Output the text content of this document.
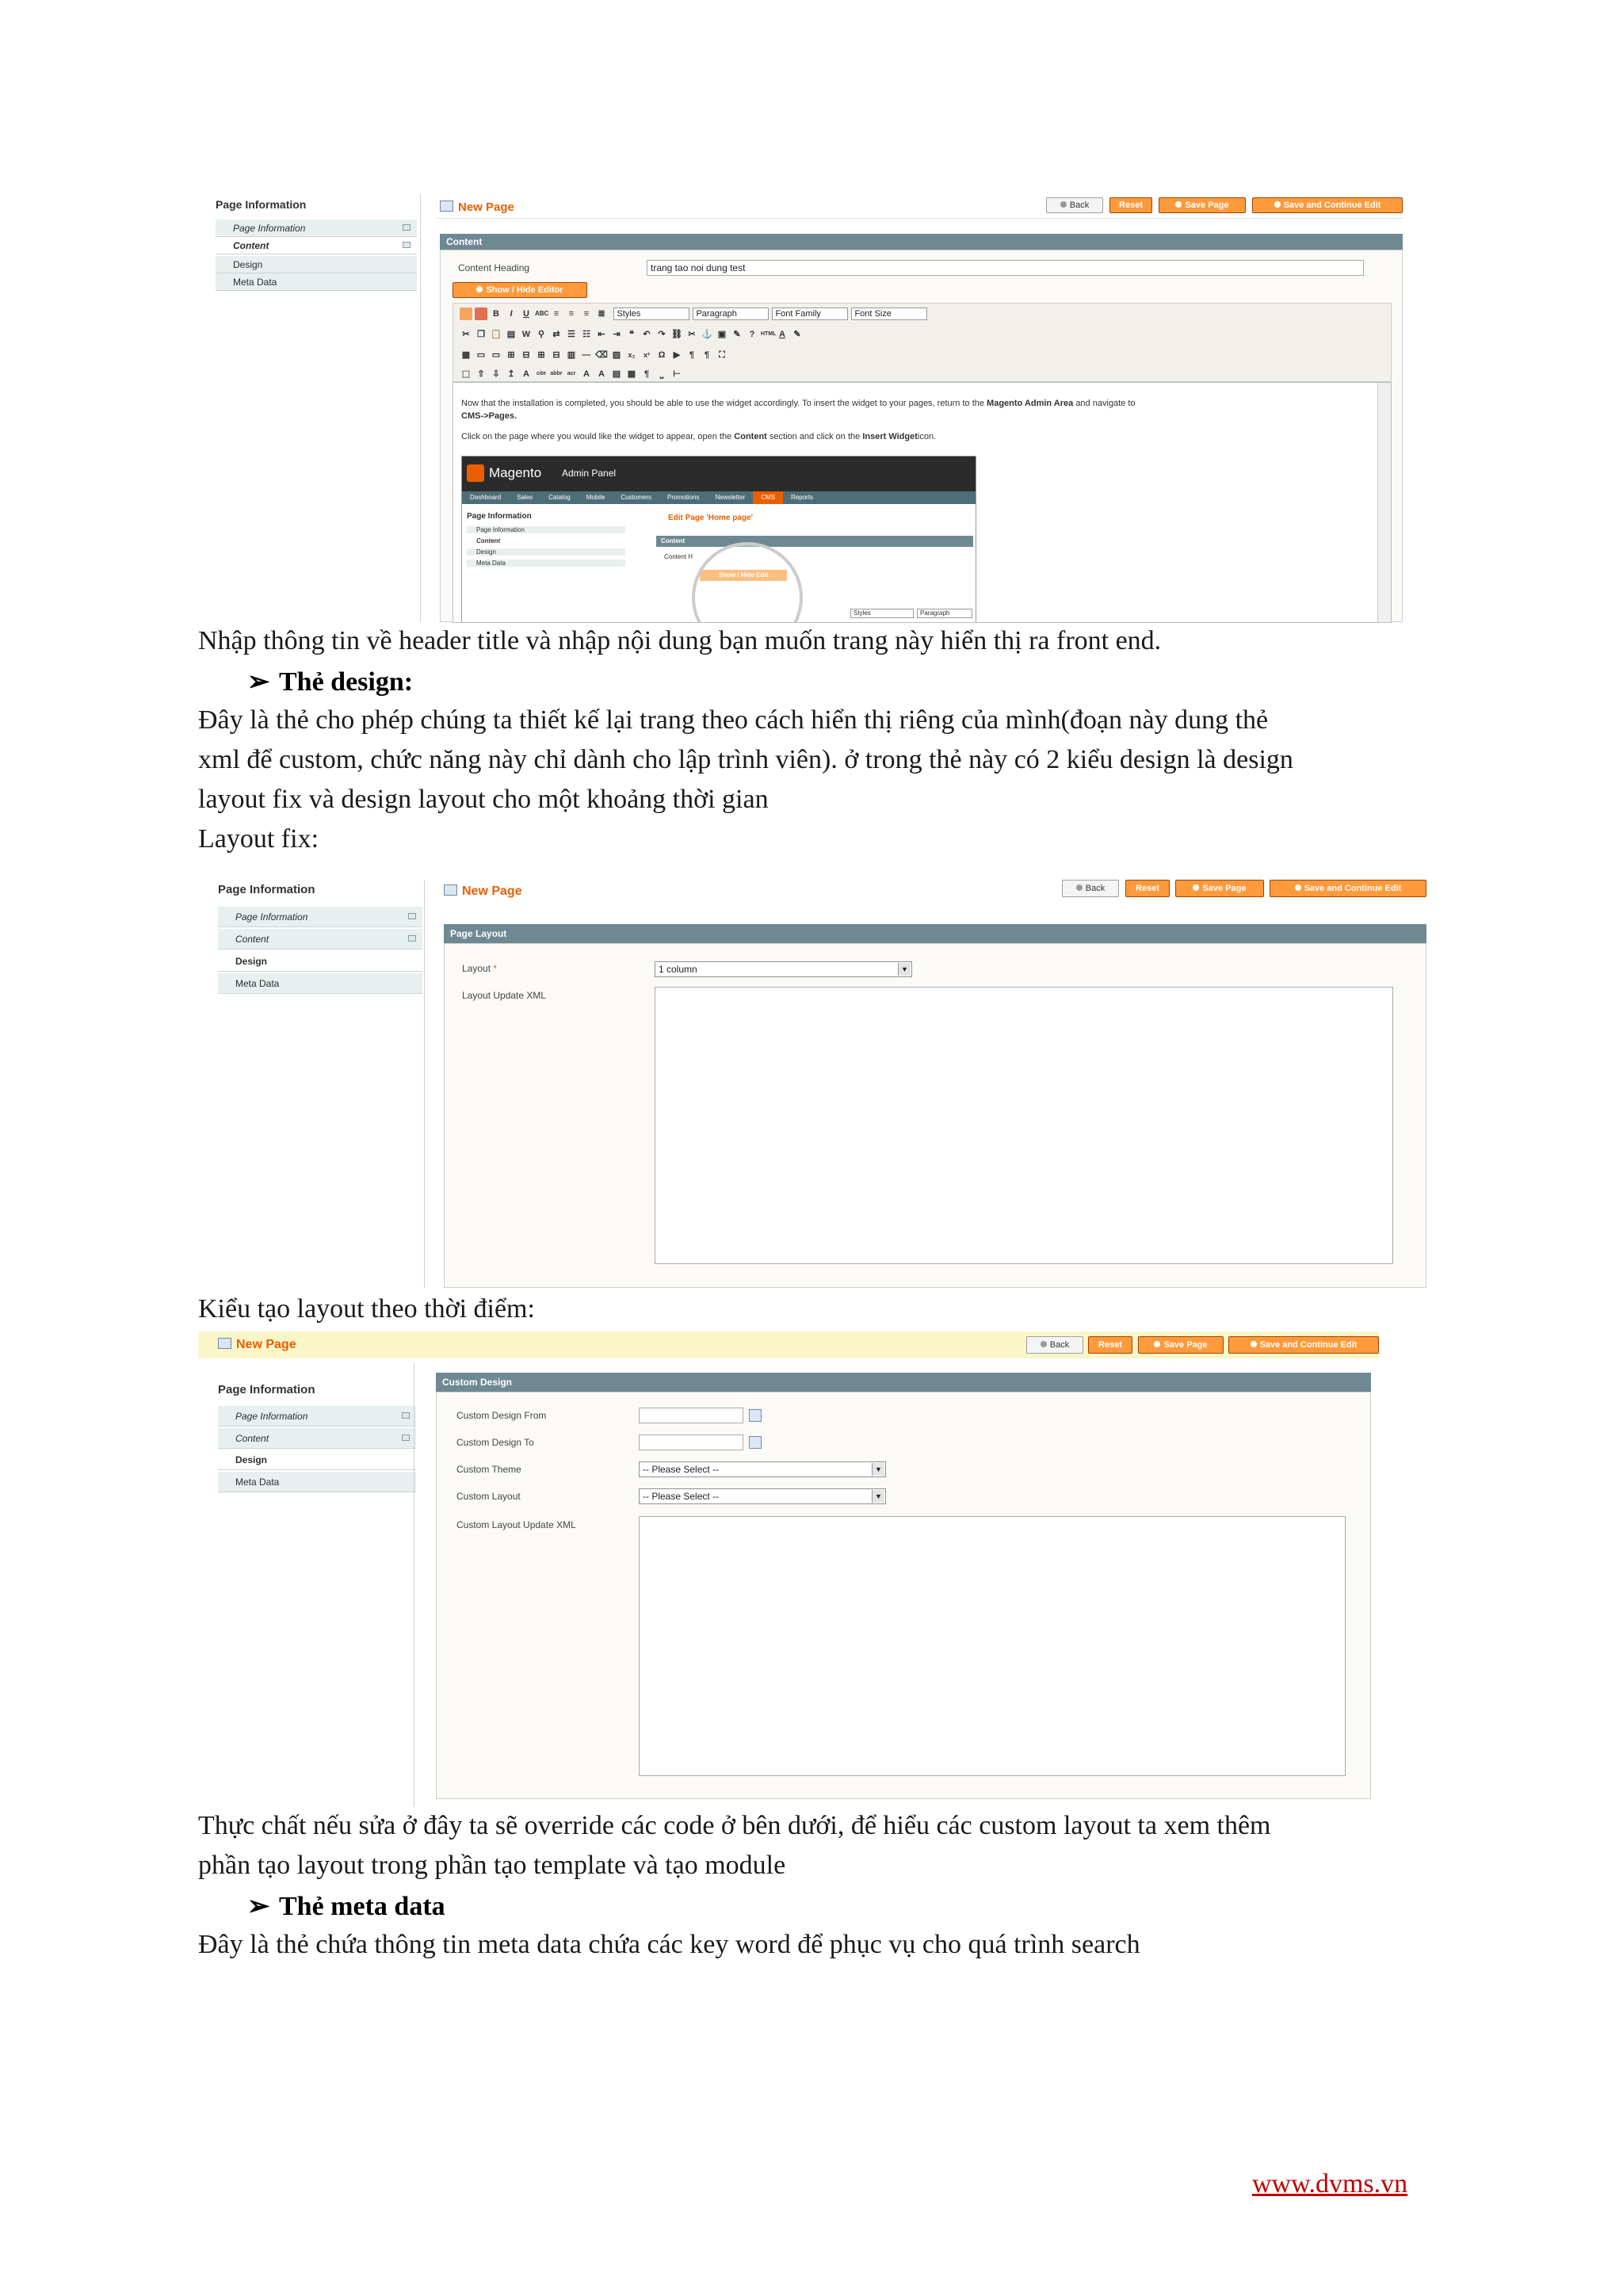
Page Information
Page Information
Content
Design
Meta Data
New Page	Back	Reset	Save Page	Save and Continue Edit
Content
Content Heading	trang tao noi dung test
Show / Hide Editor
B I U ABC ≡ ≡ ≡ ≣ Styles	Paragraph	Font Family	Font Size
✂ ❐ 📋 ▤ W ⚲ ⇄ ☰ ☷ ⇤ ⇥ ❝ ↶ ↷ ⛓ ✂ ⚓ ▣ ✎ ? HTML A ✎
▦ ▭ ▭ ⊞ ⊟ ⊞ ⊟ ▥ — ⌫ ▨ x₂ x² Ω ▶ ¶ ¶ ⛶
⬚ ⇧ ⇩ ↥ A cite abbr acr A A ▤ ▦ ¶ ⎵ ⊢

Now that the installation is completed, you should be able to use the widget accordingly. To insert the widget to your pages, return to the Magento Admin Area and navigate to

CMS->Pages.

Click on the page where you would like the widget to appear, open the Content section and click on the Insert Widgeticon.

Magento Admin Panel
Dashboard	Sales	Catalog	Mobile	Customers	Promotions	Newsletter	CMS	Reports
Page Information
Page Information
Content
Design
Meta Data
Edit Page 'Home page'
Content
Content H
Show / Hide Edit
Styles	Paragraph
Nhập thông tin về header title và nhập nội dung bạn muốn trang này hiển thị ra front end.
➢ Thẻ design:
Đây là thẻ cho phép chúng ta thiết kế lại trang theo cách hiển thị riêng của mình(đoạn này dung thẻ
xml để custom, chức năng này chỉ dành cho lập trình viên). ở trong thẻ này có 2 kiểu design là design
layout fix và design layout cho một khoảng thời gian
Layout fix:
Page Information
Page Information
Content
Design
Meta Data
New Page	Back	Reset	Save Page	Save and Continue Edit
Page Layout
Layout *	1 column	▼
Layout Update XML
Kiểu tạo layout theo thời điểm:
New Page	Back	Reset	Save Page	Save and Continue Edit
Page Information
Page Information
Content
Design
Meta Data
Custom Design
Custom Design From
Custom Design To
Custom Theme	-- Please Select --	▼
Custom Layout	-- Please Select --	▼
Custom Layout Update XML
Thực chất nếu sửa ở đây ta sẽ override các code ở bên dưới, để hiểu các custom layout ta xem thêm
phần tạo layout trong phần tạo template và tạo module
➢ Thẻ meta data
Đây là thẻ chứa thông tin meta data chứa các key word để phục vụ cho quá trình search
www.dvms.vn
